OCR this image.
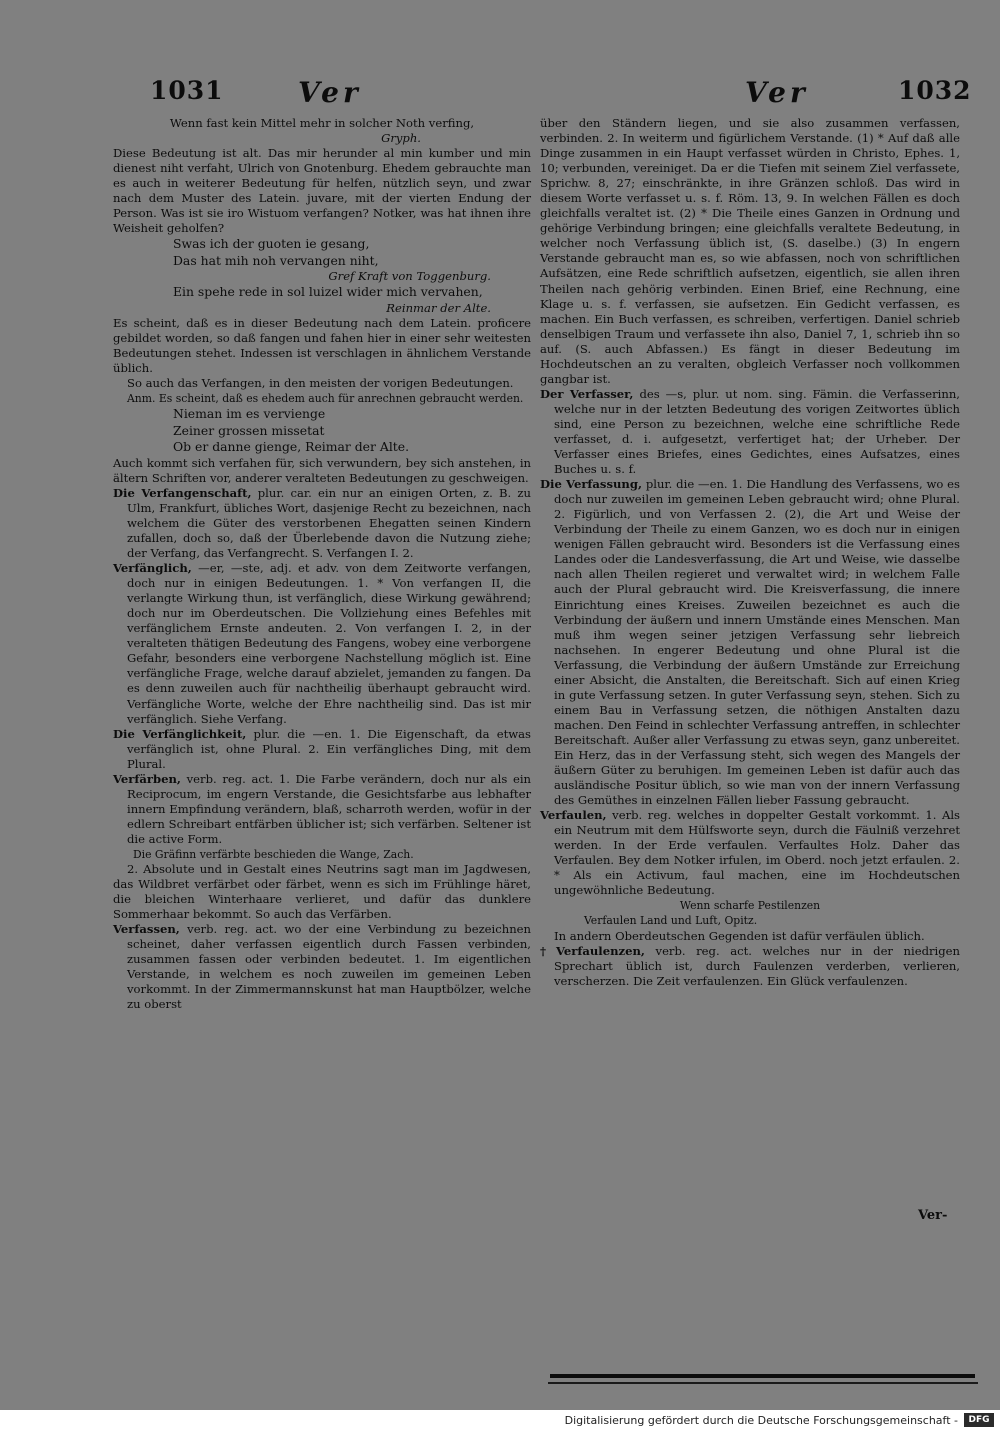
1031	Ver	Ver	1032

Wenn fast kein Mittel mehr in solcher Noth verfing,

Gryph.

Diese Bedeutung ist alt. Das mir herunder al min kumber und min dienest niht verfaht, Ulrich von Gnotenburg. Ehedem gebrauchte man es auch in weiterer Bedeutung für helfen, nützlich seyn, und zwar nach dem Muster des Latein. juvare, mit der vierten Endung der Person. Was ist sie iro Wistuom verfangen? Notker, was hat ihnen ihre Weisheit geholfen?

Swas ich der guoten ie gesang,

Das hat mih noh vervangen niht,

Gref Kraft von Toggenburg.

Ein spehe rede in sol luizel wider mich vervahen,

Reinmar der Alte.

Es scheint, daß es in dieser Bedeutung nach dem Latein. proficere gebildet worden, so daß fangen und fahen hier in einer sehr weitesten Bedeutungen stehet. Indessen ist verschlagen in ähnlichem Verstande üblich.

So auch das Verfangen, in den meisten der vorigen Bedeutungen.

Anm. Es scheint, daß es ehedem auch für anrechnen gebraucht werden.

Nieman im es vervienge

Zeiner grossen missetat

Ob er danne gienge, Reimar der Alte.

Auch kommt sich verfahen für, sich verwundern, bey sich anstehen, in ältern Schriften vor, anderer veralteten Bedeutungen zu geschweigen.

Die Verfangenschaft, plur. car. ein nur an einigen Orten, z. B. zu Ulm, Frankfurt, übliches Wort, dasjenige Recht zu bezeichnen, nach welchem die Güter des verstorbenen Ehegatten seinen Kindern zufallen, doch so, daß der Überlebende davon die Nutzung ziehe; der Verfang, das Verfangrecht. S. Verfangen I. 2.

Verfänglich, —er, —ste, adj. et adv. von dem Zeitworte verfangen, doch nur in einigen Bedeutungen. 1. * Von verfangen II, die verlangte Wirkung thun, ist verfänglich, diese Wirkung gewährend; doch nur im Oberdeutschen. Die Vollziehung eines Befehles mit verfänglichem Ernste andeuten. 2. Von verfangen I. 2, in der veralteten thätigen Bedeutung des Fangens, wobey eine verborgene Gefahr, besonders eine verborgene Nachstellung möglich ist. Eine verfängliche Frage, welche darauf abzielet, jemanden zu fangen. Da es denn zuweilen auch für nachtheilig überhaupt gebraucht wird. Verfängliche Worte, welche der Ehre nachtheilig sind. Das ist mir verfänglich. Siehe Verfang.

Die Verfänglichkeit, plur. die —en. 1. Die Eigenschaft, da etwas verfänglich ist, ohne Plural. 2. Ein verfängliches Ding, mit dem Plural.

Verfärben, verb. reg. act. 1. Die Farbe verändern, doch nur als ein Reciprocum, im engern Verstande, die Gesichtsfarbe aus lebhafter innern Empfindung verändern, blaß, scharroth werden, wofür in der edlern Schreibart entfärben üblicher ist; sich verfärben. Seltener ist die active Form.

Die Gräfinn verfärbte beschieden die Wange, Zach.

2. Absolute und in Gestalt eines Neutrins sagt man im Jagdwesen, das Wildbret verfärbet oder färbet, wenn es sich im Frühlinge häret, die bleichen Winterhaare verlieret, und dafür das dunklere Sommerhaar bekommt. So auch das Verfärben.

Verfassen, verb. reg. act. wo der eine Verbindung zu bezeichnen scheinet, daher verfassen eigentlich durch Fassen verbinden, zusammen fassen oder verbinden bedeutet. 1. Im eigentlichen Verstande, in welchem es noch zuweilen im gemeinen Leben vorkommt. In der Zimmermannskunst hat man Hauptbölzer, welche zu oberst

über den Ständern liegen, und sie also zusammen verfassen, verbinden. 2. In weiterm und figürlichem Verstande. (1) * Auf daß alle Dinge zusammen in ein Haupt verfasset würden in Christo, Ephes. 1, 10; verbunden, vereiniget. Da er die Tiefen mit seinem Ziel verfassete, Sprichw. 8, 27; einschränkte, in ihre Gränzen schloß. Das wird in diesem Worte verfasset u. s. f. Röm. 13, 9. In welchen Fällen es doch gleichfalls veraltet ist. (2) * Die Theile eines Ganzen in Ordnung und gehörige Verbindung bringen; eine gleichfalls veraltete Bedeutung, in welcher noch Verfassung üblich ist, (S. daselbe.) (3) In engern Verstande gebraucht man es, so wie abfassen, noch von schriftlichen Aufsätzen, eine Rede schriftlich aufsetzen, eigentlich, sie allen ihren Theilen nach gehörig verbinden. Einen Brief, eine Rechnung, eine Klage u. s. f. verfassen, sie aufsetzen. Ein Gedicht verfassen, es machen. Ein Buch verfassen, es schreiben, verfertigen. Daniel schrieb denselbigen Traum und verfassete ihn also, Daniel 7, 1, schrieb ihn so auf. (S. auch Abfassen.) Es fängt in dieser Bedeutung im Hochdeutschen an zu veralten, obgleich Verfasser noch vollkommen gangbar ist.

Der Verfasser, des —s, plur. ut nom. sing. Fämin. die Verfasserinn, welche nur in der letzten Bedeutung des vorigen Zeitwortes üblich sind, eine Person zu bezeichnen, welche eine schriftliche Rede verfasset, d. i. aufgesetzt, verfertiget hat; der Urheber. Der Verfasser eines Briefes, eines Gedichtes, eines Aufsatzes, eines Buches u. s. f.

Die Verfassung, plur. die —en. 1. Die Handlung des Verfassens, wo es doch nur zuweilen im gemeinen Leben gebraucht wird; ohne Plural. 2. Figürlich, und von Verfassen 2. (2), die Art und Weise der Verbindung der Theile zu einem Ganzen, wo es doch nur in einigen wenigen Fällen gebraucht wird. Besonders ist die Verfassung eines Landes oder die Landesverfassung, die Art und Weise, wie dasselbe nach allen Theilen regieret und verwaltet wird; in welchem Falle auch der Plural gebraucht wird. Die Kreisverfassung, die innere Einrichtung eines Kreises. Zuweilen bezeichnet es auch die Verbindung der äußern und innern Umstände eines Menschen. Man muß ihm wegen seiner jetzigen Verfassung sehr liebreich nachsehen. In engerer Bedeutung und ohne Plural ist die Verfassung, die Verbindung der äußern Umstände zur Erreichung einer Absicht, die Anstalten, die Bereitschaft. Sich auf einen Krieg in gute Verfassung setzen. In guter Verfassung seyn, stehen. Sich zu einem Bau in Verfassung setzen, die nöthigen Anstalten dazu machen. Den Feind in schlechter Verfassung antreffen, in schlechter Bereitschaft. Außer aller Verfassung zu etwas seyn, ganz unbereitet. Ein Herz, das in der Verfassung steht, sich wegen des Mangels der äußern Güter zu beruhigen. Im gemeinen Leben ist dafür auch das ausländische Positur üblich, so wie man von der innern Verfassung des Gemüthes in einzelnen Fällen lieber Fassung gebraucht.

Verfaulen, verb. reg. welches in doppelter Gestalt vorkommt. 1. Als ein Neutrum mit dem Hülfsworte seyn, durch die Fäulniß verzehret werden. In der Erde verfaulen. Verfaultes Holz. Daher das Verfaulen. Bey dem Notker irfulen, im Oberd. noch jetzt erfaulen. 2. * Als ein Activum, faul machen, eine im Hochdeutschen ungewöhnliche Bedeutung.

Wenn scharfe Pestilenzen

Verfaulen Land und Luft, Opitz.

In andern Oberdeutschen Gegenden ist dafür verfäulen üblich.

† Verfaulenzen, verb. reg. act. welches nur in der niedrigen Sprechart üblich ist, durch Faulenzen verderben, verlieren, verscherzen. Die Zeit verfaulenzen. Ein Glück verfaulenzen.

Ver-
Digitalisierung gefördert durch die Deutsche Forschungsgemeinschaft -	DFG
